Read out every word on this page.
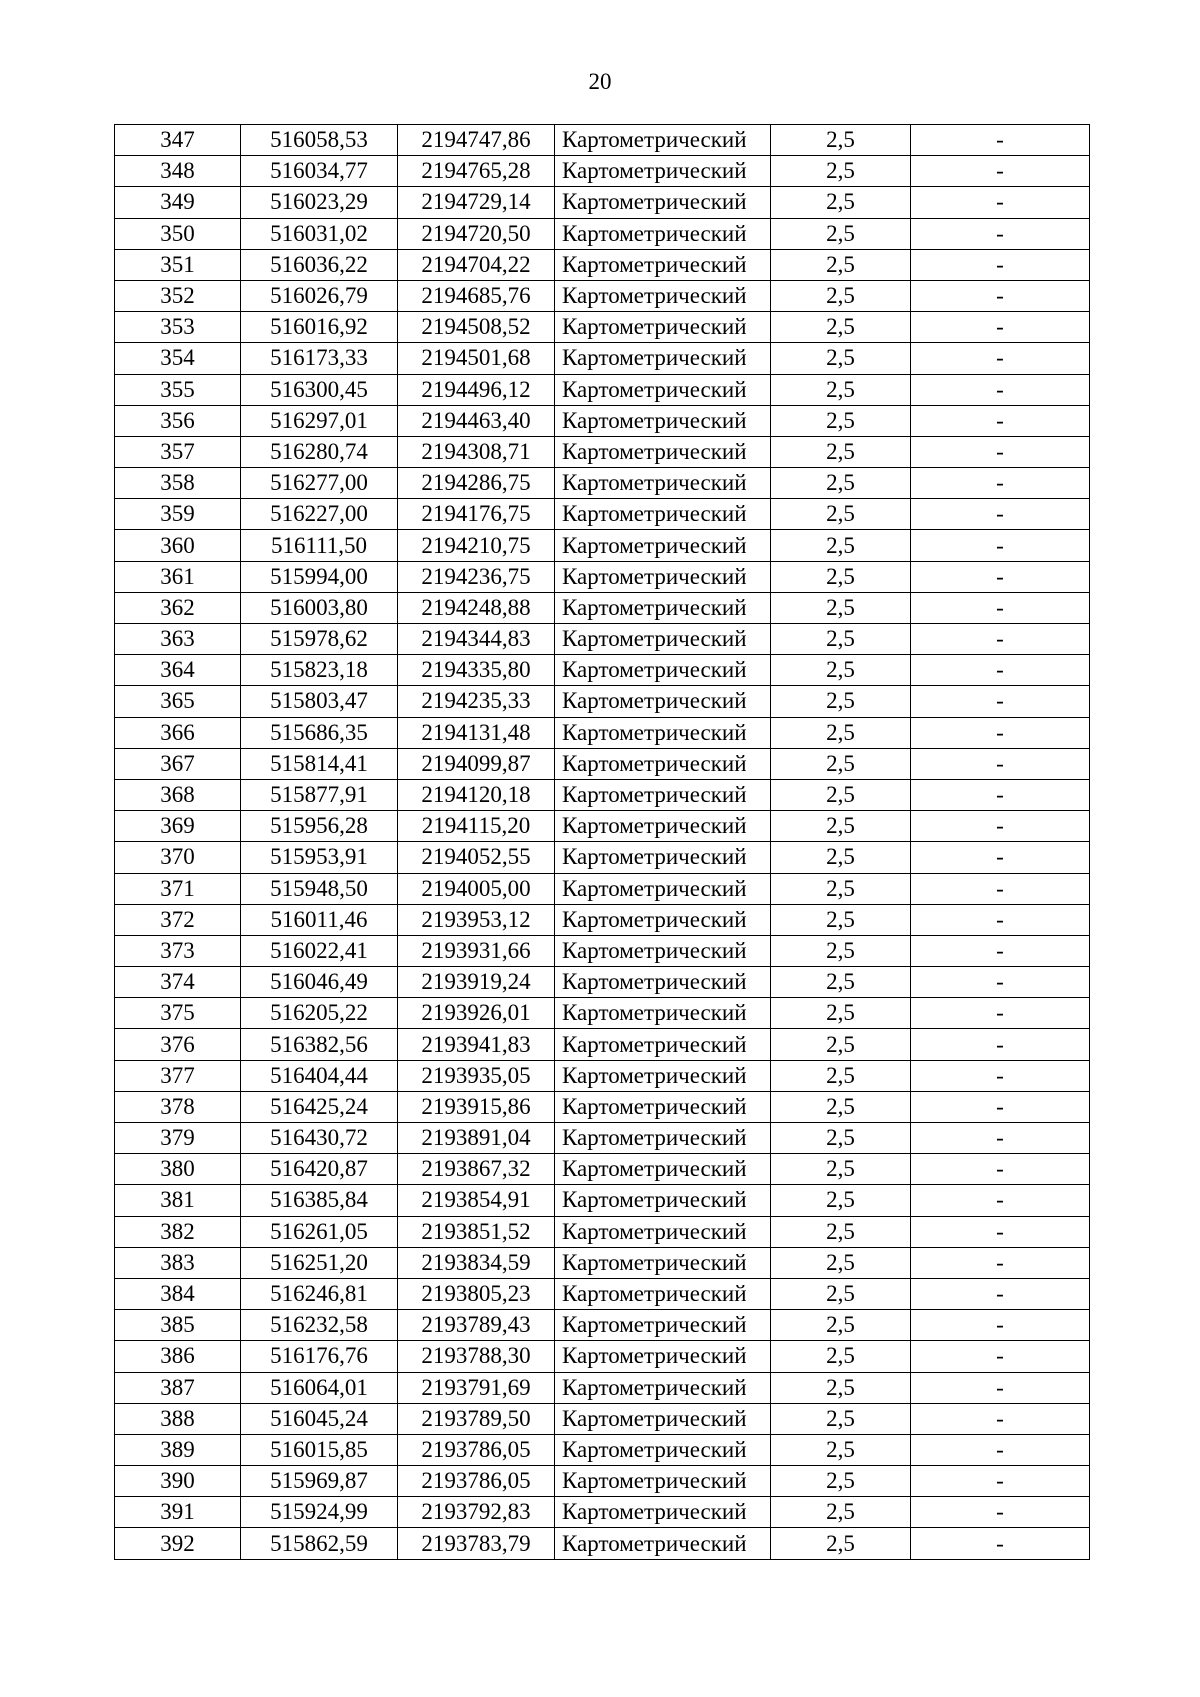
20
347	516058,53	2194747,86	Картометрический	2,5	-
348	516034,77	2194765,28	Картометрический	2,5	-
349	516023,29	2194729,14	Картометрический	2,5	-
350	516031,02	2194720,50	Картометрический	2,5	-
351	516036,22	2194704,22	Картометрический	2,5	-
352	516026,79	2194685,76	Картометрический	2,5	-
353	516016,92	2194508,52	Картометрический	2,5	-
354	516173,33	2194501,68	Картометрический	2,5	-
355	516300,45	2194496,12	Картометрический	2,5	-
356	516297,01	2194463,40	Картометрический	2,5	-
357	516280,74	2194308,71	Картометрический	2,5	-
358	516277,00	2194286,75	Картометрический	2,5	-
359	516227,00	2194176,75	Картометрический	2,5	-
360	516111,50	2194210,75	Картометрический	2,5	-
361	515994,00	2194236,75	Картометрический	2,5	-
362	516003,80	2194248,88	Картометрический	2,5	-
363	515978,62	2194344,83	Картометрический	2,5	-
364	515823,18	2194335,80	Картометрический	2,5	-
365	515803,47	2194235,33	Картометрический	2,5	-
366	515686,35	2194131,48	Картометрический	2,5	-
367	515814,41	2194099,87	Картометрический	2,5	-
368	515877,91	2194120,18	Картометрический	2,5	-
369	515956,28	2194115,20	Картометрический	2,5	-
370	515953,91	2194052,55	Картометрический	2,5	-
371	515948,50	2194005,00	Картометрический	2,5	-
372	516011,46	2193953,12	Картометрический	2,5	-
373	516022,41	2193931,66	Картометрический	2,5	-
374	516046,49	2193919,24	Картометрический	2,5	-
375	516205,22	2193926,01	Картометрический	2,5	-
376	516382,56	2193941,83	Картометрический	2,5	-
377	516404,44	2193935,05	Картометрический	2,5	-
378	516425,24	2193915,86	Картометрический	2,5	-
379	516430,72	2193891,04	Картометрический	2,5	-
380	516420,87	2193867,32	Картометрический	2,5	-
381	516385,84	2193854,91	Картометрический	2,5	-
382	516261,05	2193851,52	Картометрический	2,5	-
383	516251,20	2193834,59	Картометрический	2,5	-
384	516246,81	2193805,23	Картометрический	2,5	-
385	516232,58	2193789,43	Картометрический	2,5	-
386	516176,76	2193788,30	Картометрический	2,5	-
387	516064,01	2193791,69	Картометрический	2,5	-
388	516045,24	2193789,50	Картометрический	2,5	-
389	516015,85	2193786,05	Картометрический	2,5	-
390	515969,87	2193786,05	Картометрический	2,5	-
391	515924,99	2193792,83	Картометрический	2,5	-
392	515862,59	2193783,79	Картометрический	2,5	-
